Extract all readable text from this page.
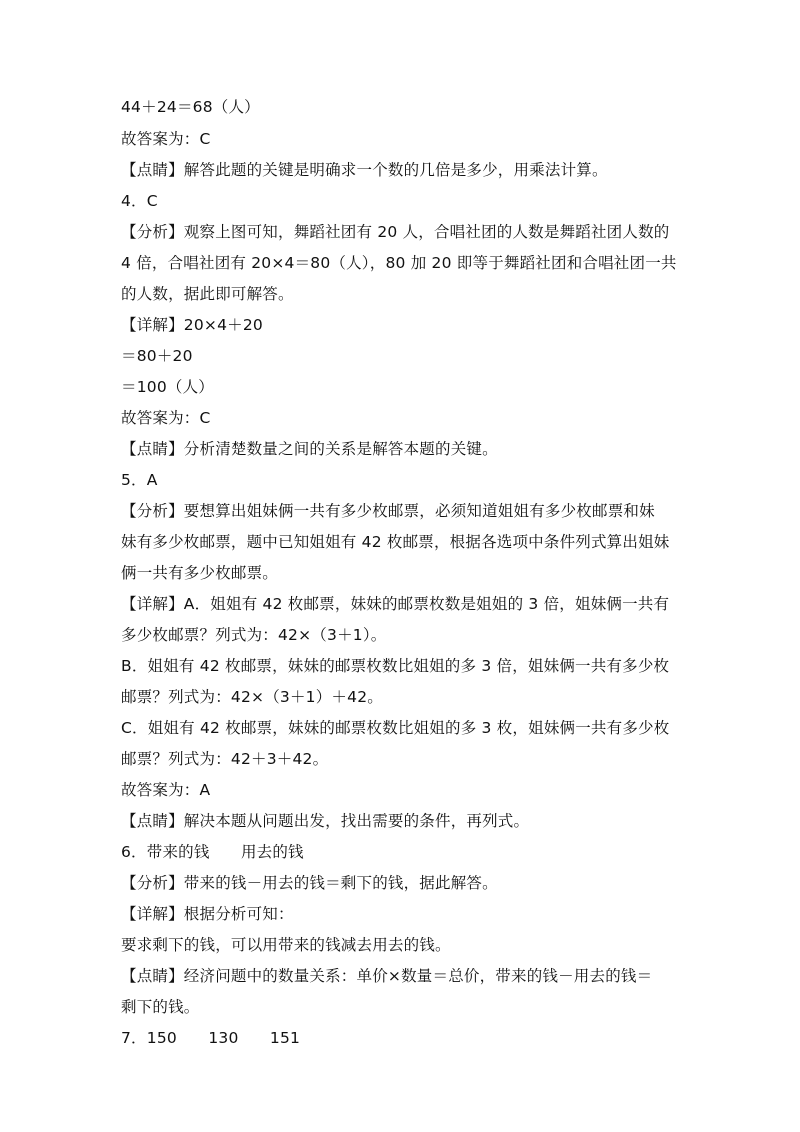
44＋24＝68（人）
故答案为：C
【点睛】解答此题的关键是明确求一个数的几倍是多少，用乘法计算。
4．C
【分析】观察上图可知，舞蹈社团有 20 人，合唱社团的人数是舞蹈社团人数的
4 倍，合唱社团有 20×4＝80（人），80 加 20 即等于舞蹈社团和合唱社团一共
的人数，据此即可解答。
【详解】20×4＋20
＝80＋20
＝100（人）
故答案为：C
【点睛】分析清楚数量之间的关系是解答本题的关键。
5．A
【分析】要想算出姐妹俩一共有多少枚邮票，必须知道姐姐有多少枚邮票和妹
妹有多少枚邮票，题中已知姐姐有 42 枚邮票，根据各选项中条件列式算出姐妹
俩一共有多少枚邮票。
【详解】A．姐姐有 42 枚邮票，妹妹的邮票枚数是姐姐的 3 倍，姐妹俩一共有
多少枚邮票？列式为：42×（3＋1）。
B．姐姐有 42 枚邮票，妹妹的邮票枚数比姐姐的多 3 倍，姐妹俩一共有多少枚
邮票？列式为：42×（3＋1）＋42。
C．姐姐有 42 枚邮票，妹妹的邮票枚数比姐姐的多 3 枚，姐妹俩一共有多少枚
邮票？列式为：42＋3＋42。
故答案为：A
【点睛】解决本题从问题出发，找出需要的条件，再列式。
6．带来的钱　　用去的钱
【分析】带来的钱－用去的钱＝剩下的钱，据此解答。
【详解】根据分析可知：
要求剩下的钱，可以用带来的钱减去用去的钱。
【点睛】经济问题中的数量关系：单价×数量＝总价，带来的钱－用去的钱＝
剩下的钱。
7．150　　130　　151
